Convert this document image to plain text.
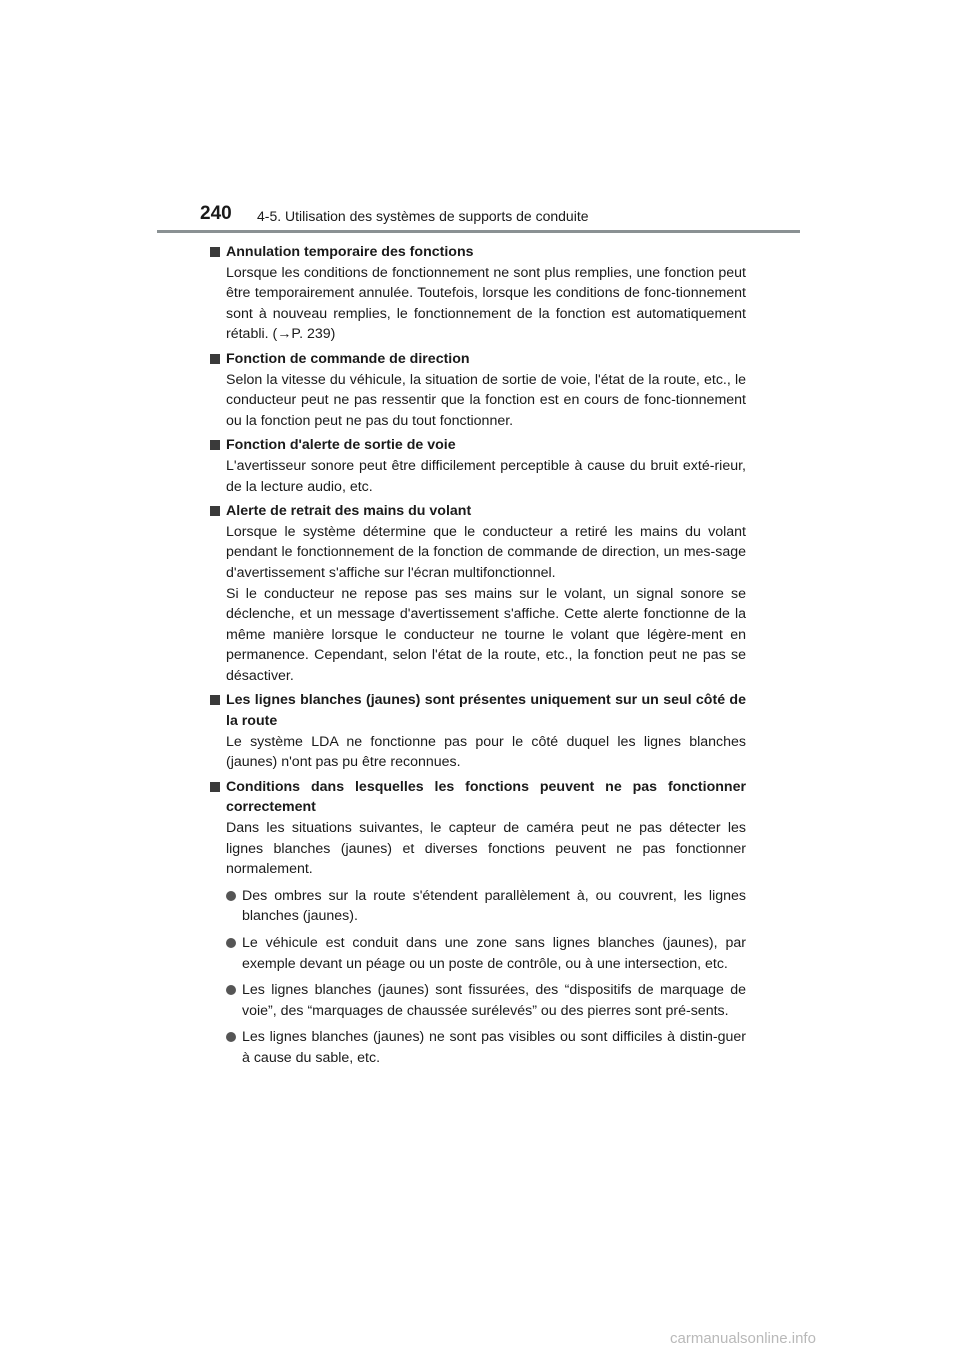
240	4-5. Utilisation des systèmes de supports de conduite
Annulation temporaire des fonctions
Lorsque les conditions de fonctionnement ne sont plus remplies, une fonction peut être temporairement annulée. Toutefois, lorsque les conditions de fonc-tionnement sont à nouveau remplies, le fonctionnement de la fonction est automatiquement rétabli. (→P. 239)
Fonction de commande de direction
Selon la vitesse du véhicule, la situation de sortie de voie, l'état de la route, etc., le conducteur peut ne pas ressentir que la fonction est en cours de fonc-tionnement ou la fonction peut ne pas du tout fonctionner.
Fonction d'alerte de sortie de voie
L'avertisseur sonore peut être difficilement perceptible à cause du bruit exté-rieur, de la lecture audio, etc.
Alerte de retrait des mains du volant
Lorsque le système détermine que le conducteur a retiré les mains du volant pendant le fonctionnement de la fonction de commande de direction, un mes-sage d'avertissement s'affiche sur l'écran multifonctionnel.
Si le conducteur ne repose pas ses mains sur le volant, un signal sonore se déclenche, et un message d'avertissement s'affiche. Cette alerte fonctionne de la même manière lorsque le conducteur ne tourne le volant que légère-ment en permanence. Cependant, selon l'état de la route, etc., la fonction peut ne pas se désactiver.
Les lignes blanches (jaunes) sont présentes uniquement sur un seul côté de la route
Le système LDA ne fonctionne pas pour le côté duquel les lignes blanches (jaunes) n'ont pas pu être reconnues.
Conditions dans lesquelles les fonctions peuvent ne pas fonctionner correctement
Dans les situations suivantes, le capteur de caméra peut ne pas détecter les lignes blanches (jaunes) et diverses fonctions peuvent ne pas fonctionner normalement.
Des ombres sur la route s'étendent parallèlement à, ou couvrent, les lignes blanches (jaunes).
Le véhicule est conduit dans une zone sans lignes blanches (jaunes), par exemple devant un péage ou un poste de contrôle, ou à une intersection, etc.
Les lignes blanches (jaunes) sont fissurées, des “dispositifs de marquage de voie”, des “marquages de chaussée surélevés” ou des pierres sont pré-sents.
Les lignes blanches (jaunes) ne sont pas visibles ou sont difficiles à distin-guer à cause du sable, etc.
carmanualsonline.info
